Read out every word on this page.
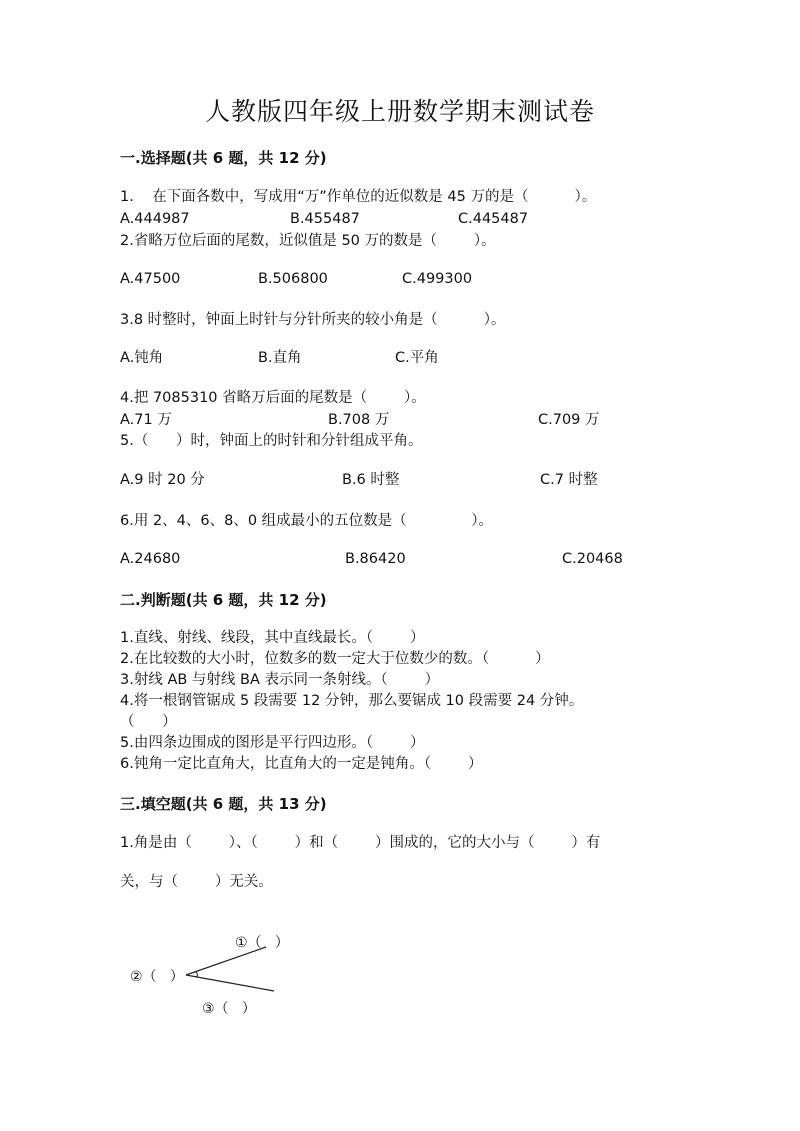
人教版四年级上册数学期末测试卷
一.选择题(共 6 题，共 12 分)
1.    在下面各数中，写成用“万”作单位的近似数是 45 万的是（          ）。
A.444987	B.455487	C.445487
2.省略万位后面的尾数，近似值是 50 万的数是（        ）。
A.47500	B.506800	C.499300
3.8 时整时，钟面上时针与分针所夹的较小角是（          ）。
A.钝角	B.直角	C.平角
4.把 7085310 省略万后面的尾数是（        ）。
A.71 万	B.708 万	C.709 万
5.（      ）时，钟面上的时针和分针组成平角。
A.9 时 20 分	B.6 时整	C.7 时整
6.用 2、4、6、8、0 组成最小的五位数是（              ）。
A.24680	B.86420	C.20468
二.判断题(共 6 题，共 12 分)
1.直线、射线、线段，其中直线最长。（        ）
2.在比较数的大小时，位数多的数一定大于位数少的数。（          ）
3.射线 AB 与射线 BA 表示同一条射线。（        ）
4.将一根钢管锯成 5 段需要 12 分钟，那么要锯成 10 段需要 24 分钟。
（      ）
5.由四条边围成的图形是平行四边形。（        ）
6.钝角一定比直角大，比直角大的一定是钝角。（        ）
三.填空题(共 6 题，共 13 分)
1.角是由（        ）、（        ）和（        ）围成的，它的大小与（        ）有
关，与（        ）无关。
①（   ）
②（   ）
③（   ）
